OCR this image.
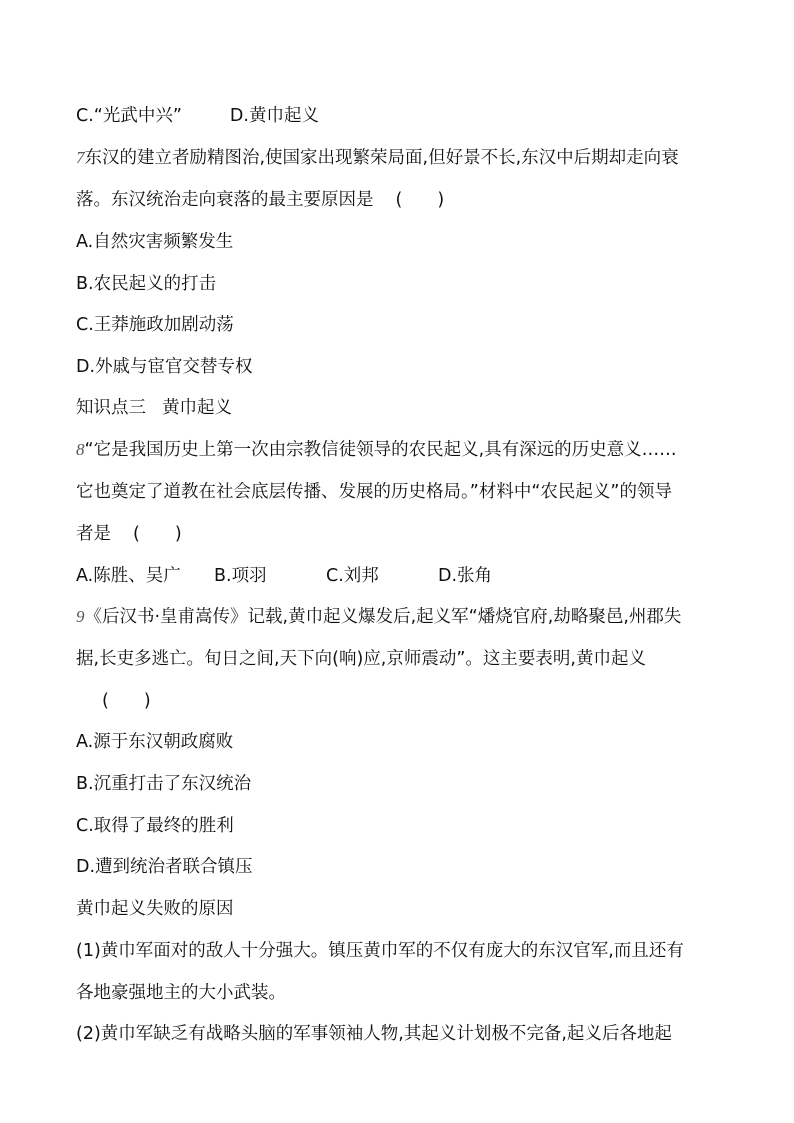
C.“光武中兴”	D.黄巾起义
7东汉的建立者励精图治,使国家出现繁荣局面,但好景不长,东汉中后期却走向衰
落。东汉统治走向衰落的最主要原因是 (　　)
A.自然灾害频繁发生
B.农民起义的打击
C.王莽施政加剧动荡
D.外戚与宦官交替专权
知识点三 黄巾起义
8“它是我国历史上第一次由宗教信徒领导的农民起义,具有深远的历史意义……
它也奠定了道教在社会底层传播、发展的历史格局。”材料中“农民起义”的领导
者是 (　　)
A.陈胜、吴广 B.项羽	C.刘邦	D.张角
9《后汉书·皇甫嵩传》记载,黄巾起义爆发后,起义军“燔烧官府,劫略聚邑,州郡失
据,长吏多逃亡。旬日之间,天下向(响)应,京师震动”。这主要表明,黄巾起义
(　　)
A.源于东汉朝政腐败
B.沉重打击了东汉统治
C.取得了最终的胜利
D.遭到统治者联合镇压
黄巾起义失败的原因
(1)黄巾军面对的敌人十分强大。镇压黄巾军的不仅有庞大的东汉官军,而且还有
各地豪强地主的大小武装。
(2)黄巾军缺乏有战略头脑的军事领袖人物,其起义计划极不完备,起义后各地起
